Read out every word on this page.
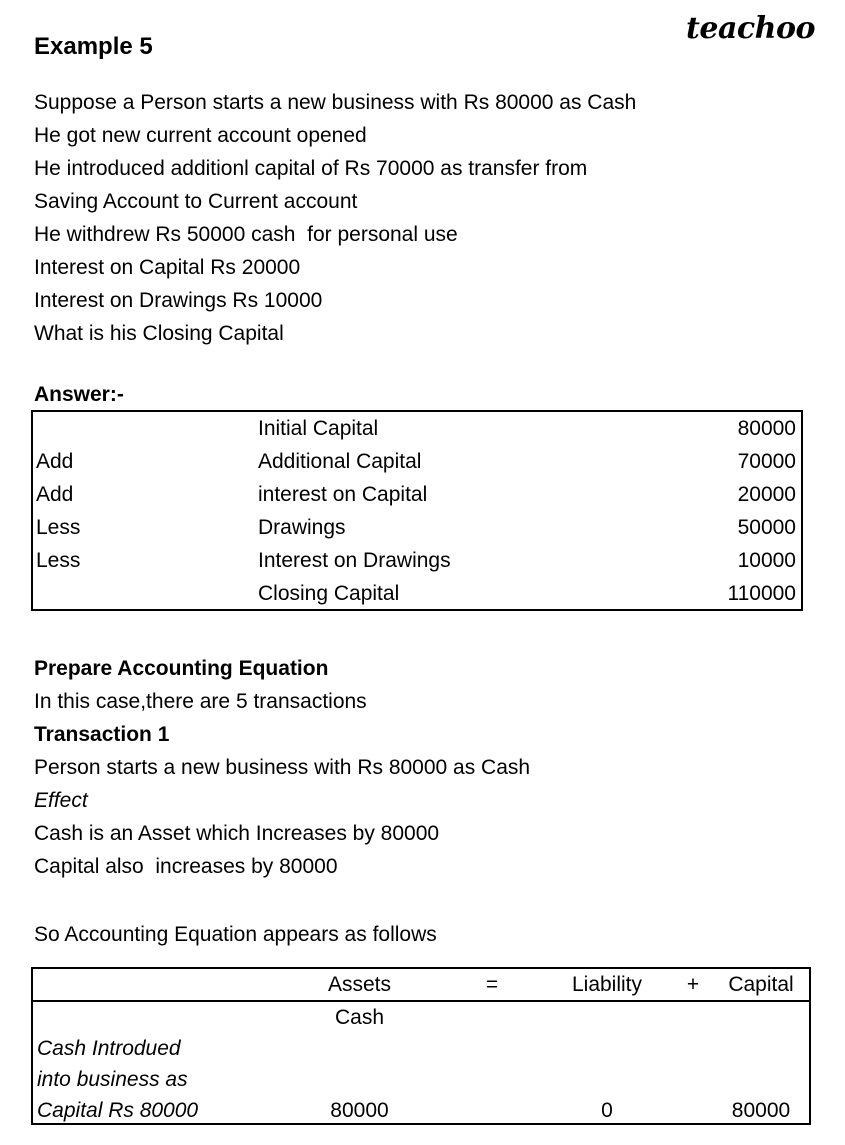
teachoo
Example 5
Suppose a Person starts a new business with Rs 80000 as Cash
He got new current account opened
He introduced additionl capital of Rs 70000 as transfer from
Saving Account to Current account
He withdrew Rs 50000 cash  for personal use
Interest on Capital Rs 20000
Interest on Drawings Rs 10000
What is his Closing Capital
Answer:-
	Initial Capital	80000
Add	Additional Capital	70000
Add	interest on Capital	20000
Less	Drawings	50000
Less	Interest on Drawings	10000
	Closing Capital	110000
Prepare Accounting Equation
In this case,there are 5 transactions
Transaction 1
Person starts a new business with Rs 80000 as Cash
Effect
Cash is an Asset which Increases by 80000
Capital also  increases by 80000
So Accounting Equation appears as follows
	Assets	=	Liability	+	Capital
	Cash				
Cash Introdued					
into business as					
Capital Rs 80000	80000		0		80000
